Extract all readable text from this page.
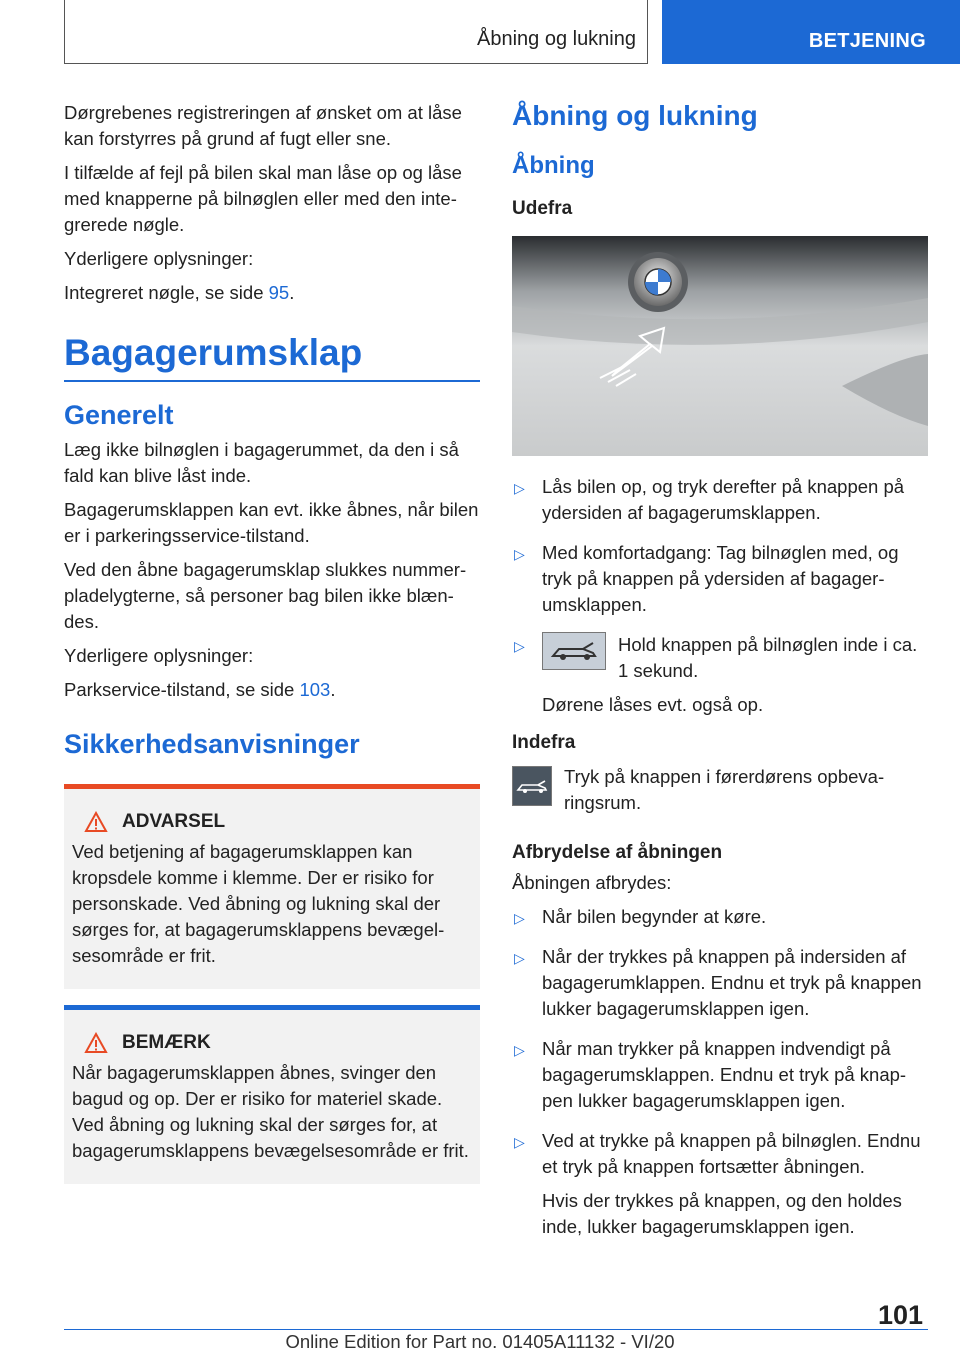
Åbning og lukning	BETJENING

Dørgrebenes registreringen af ønsket om at låse kan forstyrres på grund af fugt eller sne.

I tilfælde af fejl på bilen skal man låse op og låse med knapperne på bilnøglen eller med den integrerede nøgle.

Yderligere oplysninger:

Integreret nøgle, se side 95.

Bagagerumsklap
Generelt

Læg ikke bilnøglen i bagagerummet, da den i så fald kan blive låst inde.

Bagagerumsklappen kan evt. ikke åbnes, når bilen er i parkeringsservice-tilstand.

Ved den åbne bagagerumsklap slukkes nummerpladelygterne, så personer bag bilen ikke blændes.

Yderligere oplysninger:

Parkservice-tilstand, se side 103.

Sikkerhedsanvisninger
ADVARSEL

Ved betjening af bagagerumsklappen kan kropsdele komme i klemme. Der er risiko for personskade. Ved åbning og lukning skal der sørges for, at bagagerumsklappens bevægelsesområde er frit.

BEMÆRK

Når bagagerumsklappen åbnes, svinger den bagud og op. Der er risiko for materiel skade. Ved åbning og lukning skal der sørges for, at bagagerumsklappens bevægelsesområde er frit.

Åbning og lukning
Åbning
Udefra
▷ Lås bilen op, og tryk derefter på knappen på ydersiden af bagagerumsklappen.
▷ Med komfortadgang: Tag bilnøglen med, og tryk på knappen på ydersiden af bagagerumsklappen.
▷	Hold knappen på bilnøglen inde i ca. 1 sekund.
Dørene låses evt. også op.
Indefra
Tryk på knappen i førerdørens opbevaringsrum.
Afbrydelse af åbningen

Åbningen afbrydes:

▷ Når bilen begynder at køre.
▷ Når der trykkes på knappen på indersiden af bagagerumklappen. Endnu et tryk på knappen lukker bagagerumsklappen igen.
▷ Når man trykker på knappen indvendigt på bagagerumsklappen. Endnu et tryk på knappen lukker bagagerumsklappen igen.
▷ Ved at trykke på knappen på bilnøglen. Endnu et tryk på knappen fortsætter åbningen.
Hvis der trykkes på knappen, og den holdes inde, lukker bagagerumsklappen igen.
101
Online Edition for Part no. 01405A11132 - VI/20
